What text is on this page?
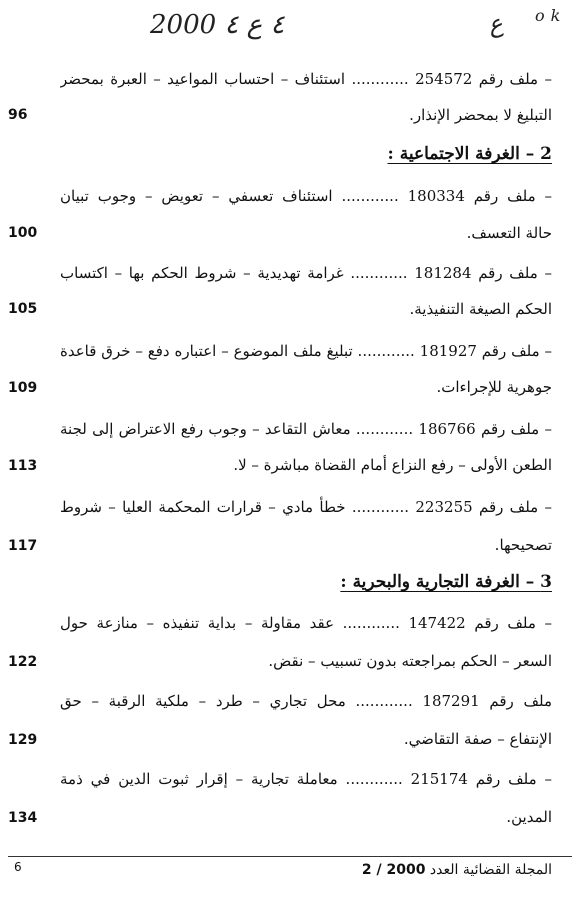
٤ ع ٤ 2000	ع ok
– ملف رقم 254572 ............ استئناف – احتساب المواعيد – العبرة بمحضر
التبليغ لا بمحضر الإنذار.
96
2 – الغرفة الاجتماعية :
– ملف رقم 180334 ............ استئناف تعسفي – تعويض – وجوب تبيان
حالة التعسف.
100
– ملف رقم 181284 ............ غرامة تهديدية – شروط الحكم بها – اكتساب
الحكم الصيغة التنفيذية.
105
– ملف رقم 181927 ............ تبليغ ملف الموضوع – اعتباره دفع – خرق قاعدة
جوهرية للإجراءات.
109
– ملف رقم 186766 ............ معاش التقاعد – وجوب رفع الاعتراض إلى لجنة
الطعن الأولى – رفع النزاع أمام القضاة مباشرة – لا.
113
– ملف رقم 223255 ............ خطأ مادي – قرارات المحكمة العليا – شروط
تصحيحها.
117
3 – الغرفة التجارية والبحرية :
– ملف رقم 147422 ............ عقد مقاولة – بداية تنفيذه – منازعة حول
السعر – الحكم بمراجعته بدون تسبيب – نقض.
122
ملف رقم 187291 ............ محل تجاري – طرد – ملكية الرقبة – حق
الإنتفاع – صفة التقاضي.
129
– ملف رقم 215174 ............ معاملة تجارية – إقرار ثبوت الدين في ذمة
المدين.
134
6	المجلة القضائية العدد 2 / 2000
